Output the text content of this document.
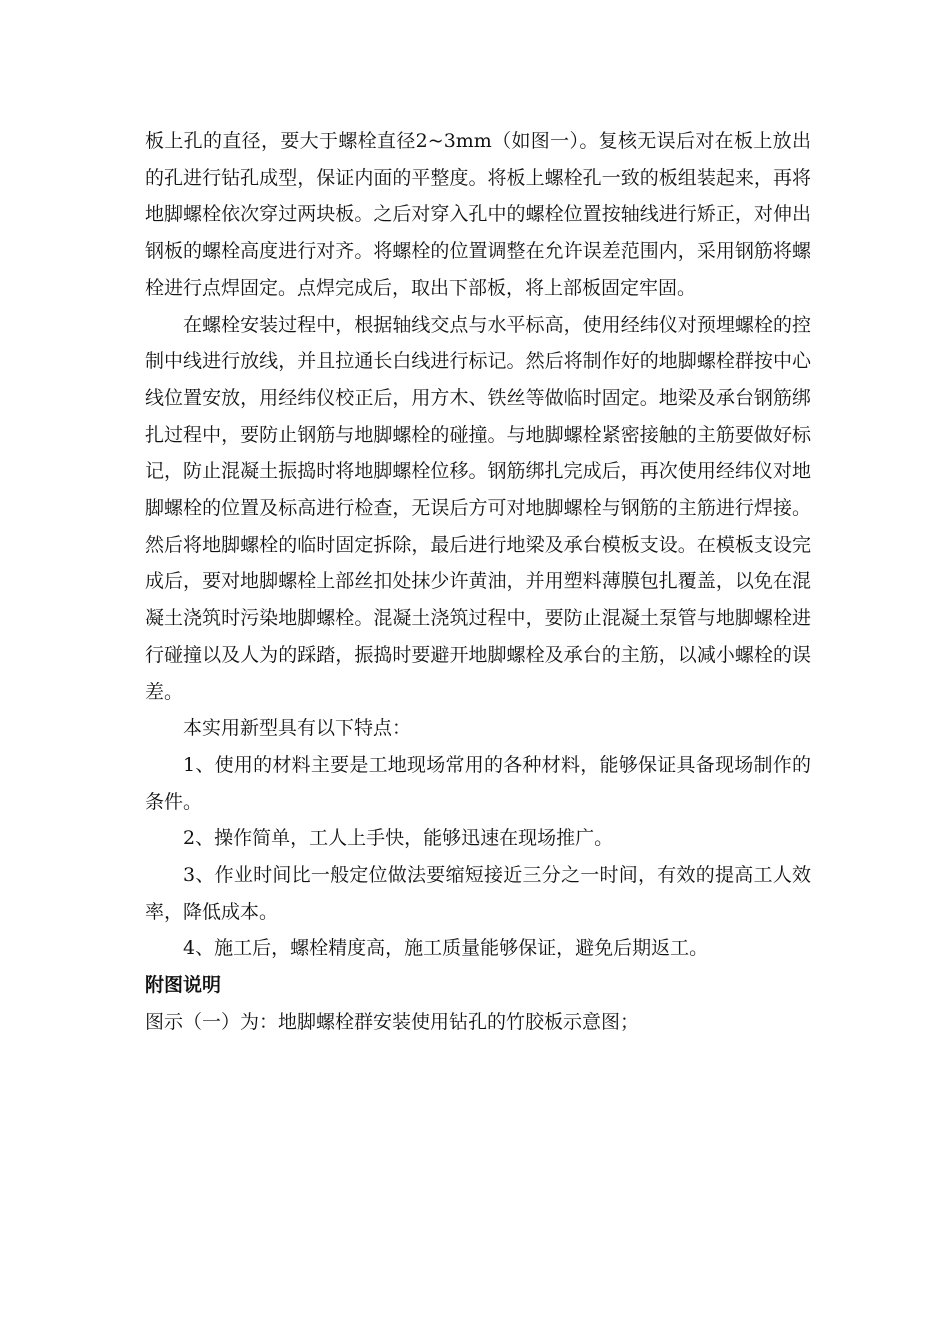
板上孔的直径，要大于螺栓直径2~3mm（如图一）。复核无误后对在板上放出的孔进行钻孔成型，保证内面的平整度。将板上螺栓孔一致的板组装起来，再将地脚螺栓依次穿过两块板。之后对穿入孔中的螺栓位置按轴线进行矫正，对伸出钢板的螺栓高度进行对齐。将螺栓的位置调整在允许误差范围内，采用钢筋将螺栓进行点焊固定。点焊完成后，取出下部板，将上部板固定牢固。

在螺栓安装过程中，根据轴线交点与水平标高，使用经纬仪对预埋螺栓的控制中线进行放线，并且拉通长白线进行标记。然后将制作好的地脚螺栓群按中心线位置安放，用经纬仪校正后，用方木、铁丝等做临时固定。地梁及承台钢筋绑扎过程中，要防止钢筋与地脚螺栓的碰撞。与地脚螺栓紧密接触的主筋要做好标记，防止混凝土振捣时将地脚螺栓位移。钢筋绑扎完成后，再次使用经纬仪对地脚螺栓的位置及标高进行检查，无误后方可对地脚螺栓与钢筋的主筋进行焊接。然后将地脚螺栓的临时固定拆除，最后进行地梁及承台模板支设。在模板支设完成后，要对地脚螺栓上部丝扣处抹少许黄油，并用塑料薄膜包扎覆盖，以免在混凝土浇筑时污染地脚螺栓。混凝土浇筑过程中，要防止混凝土泵管与地脚螺栓进行碰撞以及人为的踩踏，振捣时要避开地脚螺栓及承台的主筋，以减小螺栓的误差。

本实用新型具有以下特点：

1、使用的材料主要是工地现场常用的各种材料，能够保证具备现场制作的条件。

2、操作简单，工人上手快，能够迅速在现场推广。

3、作业时间比一般定位做法要缩短接近三分之一时间，有效的提高工人效率，降低成本。

4、施工后，螺栓精度高，施工质量能够保证，避免后期返工。

附图说明

图示（一）为：地脚螺栓群安装使用钻孔的竹胶板示意图；
